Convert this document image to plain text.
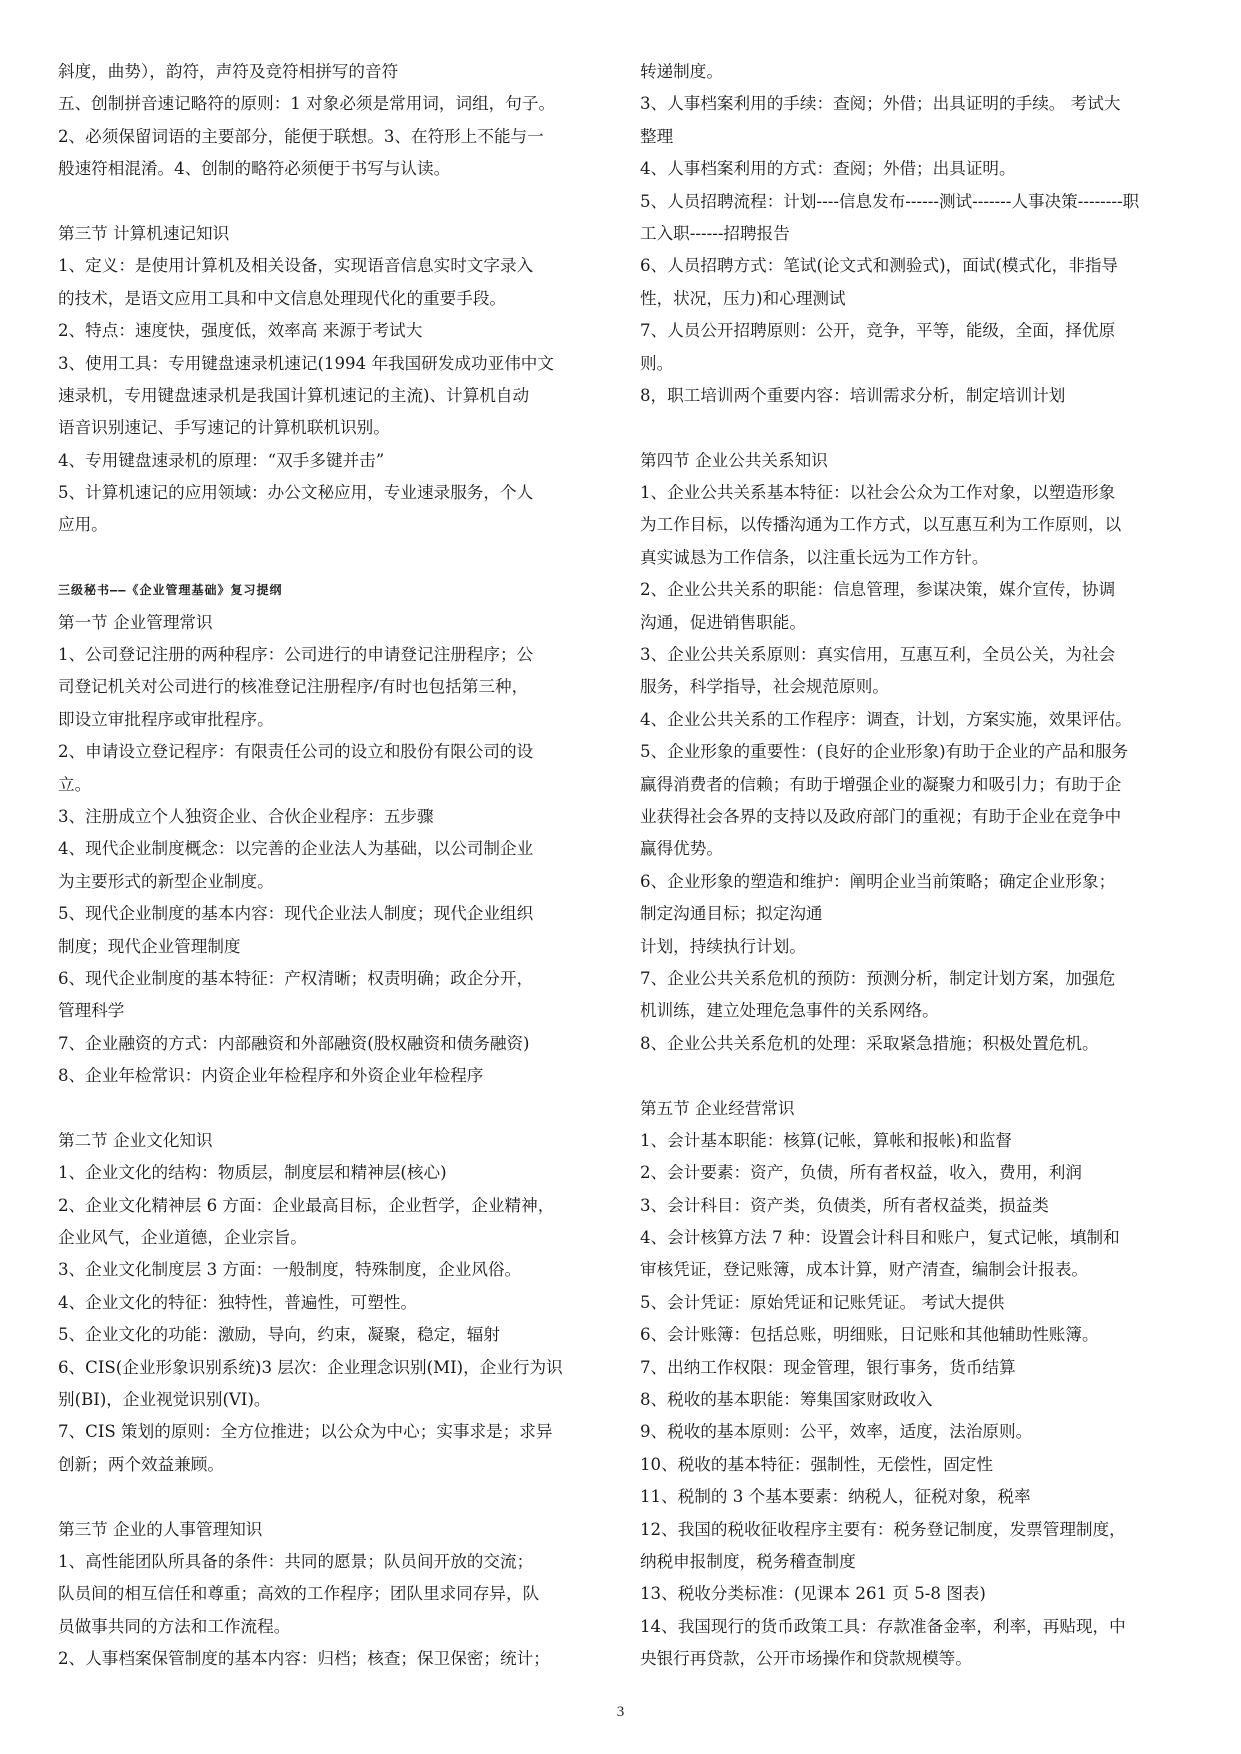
斜度，曲势），韵符，声符及竞符相拼写的音符
五、创制拼音速记略符的原则：1 对象必须是常用词，词组，句子。
2、必须保留词语的主要部分，能便于联想。3、在符形上不能与一
般速符相混淆。4、创制的略符必须便于书写与认读。
第三节 计算机速记知识
1、定义：是使用计算机及相关设备，实现语音信息实时文字录入
的技术，是语文应用工具和中文信息处理现代化的重要手段。
2、特点：速度快，强度低，效率高 来源于考试大
3、使用工具：专用键盘速录机速记(1994 年我国研发成功亚伟中文
速录机，专用键盘速录机是我国计算机速记的主流)、计算机自动
语音识别速记、手写速记的计算机联机识别。
4、专用键盘速录机的原理：“双手多键并击”
5、计算机速记的应用领域：办公文秘应用，专业速录服务，个人
应用。
三级秘书——《企业管理基础》复习提纲
第一节 企业管理常识
1、公司登记注册的两种程序：公司进行的申请登记注册程序；公
司登记机关对公司进行的核准登记注册程序/有时也包括第三种，
即设立审批程序或审批程序。
2、申请设立登记程序：有限责任公司的设立和股份有限公司的设
立。
3、注册成立个人独资企业、合伙企业程序：五步骤
4、现代企业制度概念：以完善的企业法人为基础，以公司制企业
为主要形式的新型企业制度。
5、现代企业制度的基本内容：现代企业法人制度；现代企业组织
制度；现代企业管理制度
6、现代企业制度的基本特征：产权清晰；权责明确；政企分开，
管理科学
7、企业融资的方式：内部融资和外部融资(股权融资和债务融资)
8、企业年检常识：内资企业年检程序和外资企业年检程序
第二节 企业文化知识
1、企业文化的结构：物质层，制度层和精神层(核心)
2、企业文化精神层 6 方面：企业最高目标，企业哲学，企业精神，
企业风气，企业道德，企业宗旨。
3、企业文化制度层 3 方面：一般制度，特殊制度，企业风俗。
4、企业文化的特征：独特性，普遍性，可塑性。
5、企业文化的功能：激励，导向，约束，凝聚，稳定，辐射
6、CIS(企业形象识别系统)3 层次：企业理念识别(MI)，企业行为识
别(BI)，企业视觉识别(VI)。
7、CIS 策划的原则：全方位推进；以公众为中心；实事求是；求异
创新；两个效益兼顾。
第三节 企业的人事管理知识
1、高性能团队所具备的条件：共同的愿景；队员间开放的交流；
队员间的相互信任和尊重；高效的工作程序；团队里求同存异，队
员做事共同的方法和工作流程。
2、人事档案保管制度的基本内容：归档；核查；保卫保密；统计；
转递制度。
3、人事档案利用的手续：查阅；外借；出具证明的手续。 考试大
整理
4、人事档案利用的方式：查阅；外借；出具证明。
5、人员招聘流程：计划----信息发布------测试-------人事决策--------职
工入职------招聘报告
6、人员招聘方式：笔试(论文式和测验式)，面试(模式化，非指导
性，状况，压力)和心理测试
7、人员公开招聘原则：公开，竞争，平等，能级，全面，择优原
则。
8，职工培训两个重要内容：培训需求分析，制定培训计划
第四节 企业公共关系知识
1、企业公共关系基本特征：以社会公众为工作对象，以塑造形象
为工作目标，以传播沟通为工作方式，以互惠互利为工作原则，以
真实诚恳为工作信条，以注重长远为工作方针。
2、企业公共关系的职能：信息管理，参谋决策，媒介宣传，协调
沟通，促进销售职能。
3、企业公共关系原则：真实信用，互惠互利，全员公关，为社会
服务，科学指导，社会规范原则。
4、企业公共关系的工作程序：调查，计划，方案实施，效果评估。
5、企业形象的重要性：(良好的企业形象)有助于企业的产品和服务
赢得消费者的信赖；有助于增强企业的凝聚力和吸引力；有助于企
业获得社会各界的支持以及政府部门的重视；有助于企业在竞争中
赢得优势。
6、企业形象的塑造和维护：阐明企业当前策略；确定企业形象；
制定沟通目标；拟定沟通
计划，持续执行计划。
7、企业公共关系危机的预防：预测分析，制定计划方案，加强危
机训练，建立处理危急事件的关系网络。
8、企业公共关系危机的处理：采取紧急措施；积极处置危机。
第五节 企业经营常识
1、会计基本职能：核算(记帐，算帐和报帐)和监督
2、会计要素：资产，负债，所有者权益，收入，费用，利润
3、会计科目：资产类，负债类，所有者权益类，损益类
4、会计核算方法 7 种：设置会计科目和账户，复式记帐，填制和
审核凭证，登记账簿，成本计算，财产清查，编制会计报表。
5、会计凭证：原始凭证和记账凭证。 考试大提供
6、会计账簿：包括总账，明细账，日记账和其他辅助性账簿。
7、出纳工作权限：现金管理，银行事务，货币结算
8、税收的基本职能：筹集国家财政收入
9、税收的基本原则：公平，效率，适度，法治原则。
10、税收的基本特征：强制性，无偿性，固定性
11、税制的 3 个基本要素：纳税人，征税对象，税率
12、我国的税收征收程序主要有：税务登记制度，发票管理制度，
纳税申报制度，税务稽查制度
13、税收分类标准：(见课本 261 页 5-8 图表)
14、我国现行的货币政策工具：存款准备金率，利率，再贴现，中
央银行再贷款，公开市场操作和贷款规模等。
3
